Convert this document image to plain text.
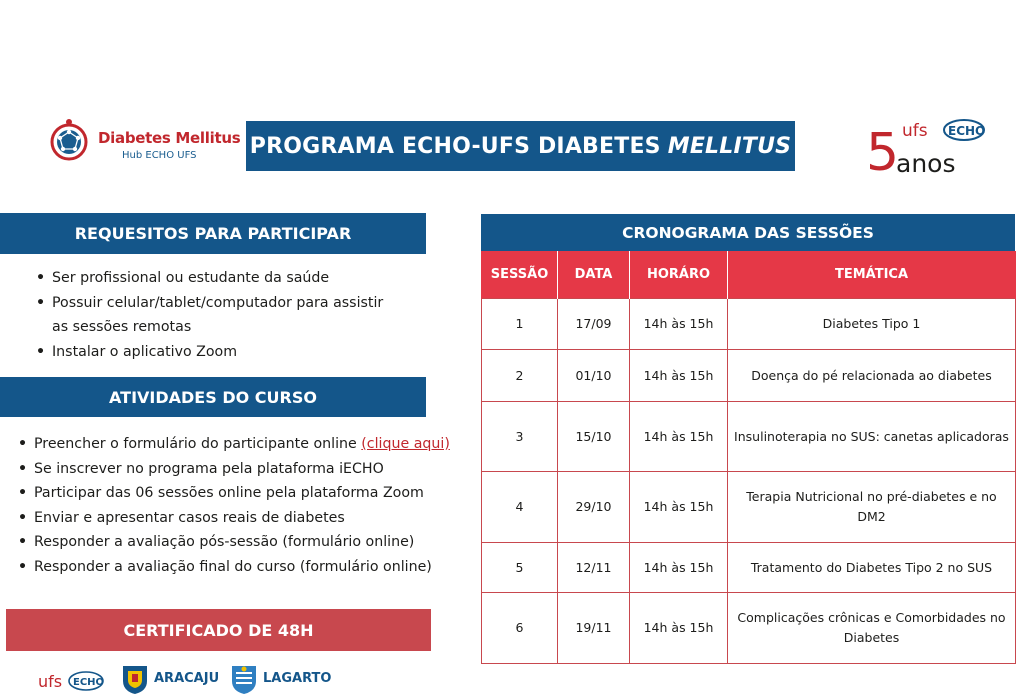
Diabetes Mellitus
Hub ECHO UFS PROGRAMA ECHO-UFS DIABETES MELLITUS 5
anos
ufs ECHO
REQUESITOS PARA PARTICIPAR
• Ser profissional ou estudante da saúde
• Possuir celular/tablet/computador para assistir
as sessões remotas
• Instalar o aplicativo Zoom
ATIVIDADES DO CURSO
• Preencher o formulário do participante online (clique aqui)
• Se inscrever no programa pela plataforma iECHO
• Participar das 06 sessões online pela plataforma Zoom
• Enviar e apresentar casos reais de diabetes
• Responder a avaliação pós-sessão (formulário online)
• Responder a avaliação final do curso (formulário online)
CERTIFICADO DE 48H
CRONOGRAMA DAS SESSÕES
SESSÃO	DATA	HORÁRO	TEMÁTICA
1	17/09	14h às 15h	Diabetes Tipo 1
2	01/10	14h às 15h	Doença do pé relacionada ao diabetes
3	15/10	14h às 15h	Insulinoterapia no SUS: canetas aplicadoras
4	29/10	14h às 15h	Terapia Nutricional no pré-diabetes e no DM2
5	12/11	14h às 15h	Tratamento do Diabetes Tipo 2 no SUS
6	19/11	14h às 15h	Complicações crônicas e Comorbidades no Diabetes
ufs ECHO	ARACAJU	LAGARTO
